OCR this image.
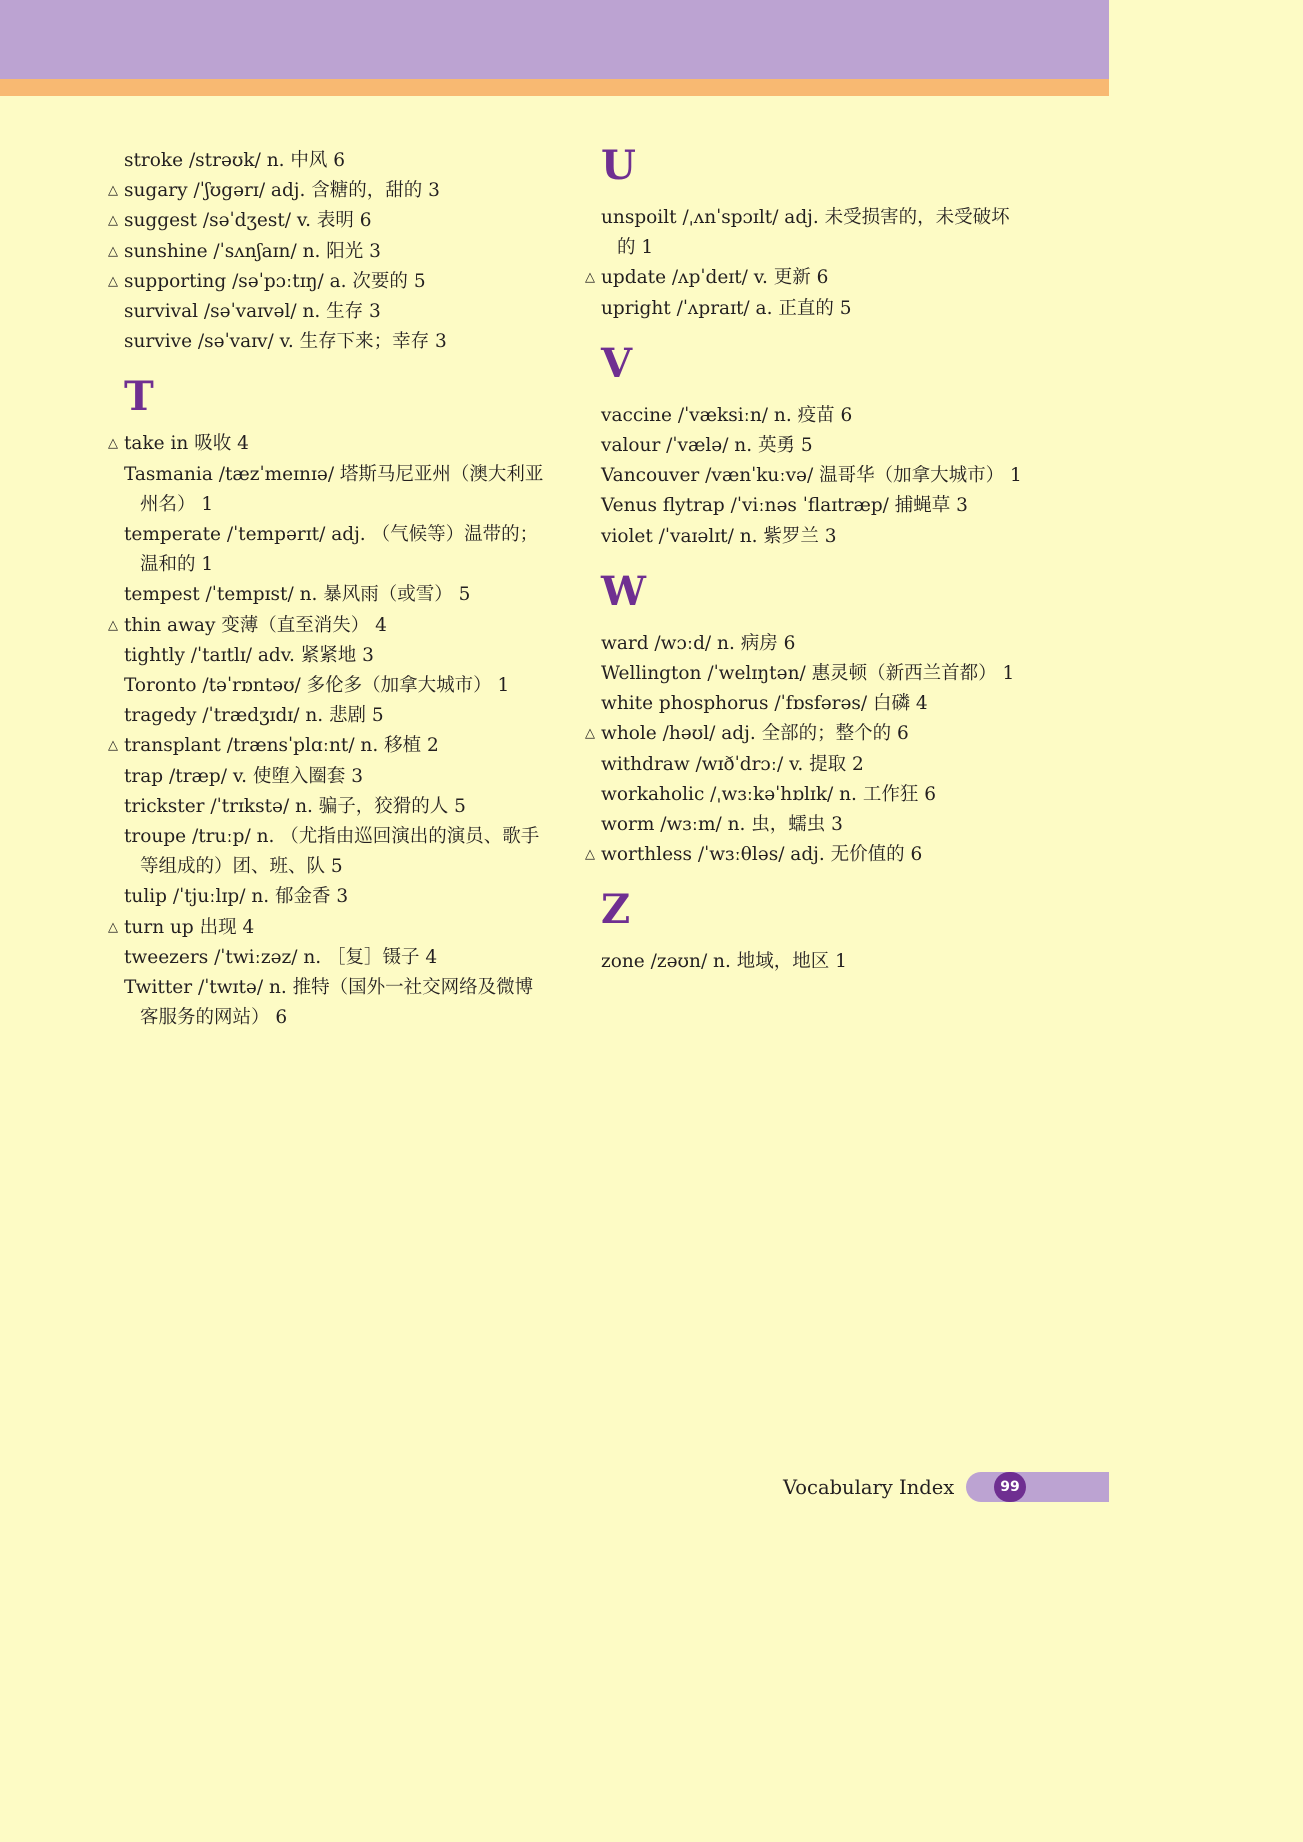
stroke /strəʊk/ n. 中风 6
△ sugary /ˈʃʊgərɪ/ adj. 含糖的，甜的 3
△ suggest /səˈdʒest/ v. 表明 6
△ sunshine /ˈsʌnʃaɪn/ n. 阳光 3
△ supporting /səˈpɔːtɪŋ/ a. 次要的 5
survival /səˈvaɪvəl/ n. 生存 3
survive /səˈvaɪv/ v. 生存下来；幸存 3
T
△ take in 吸收 4
Tasmania /tæzˈmeɪnɪə/ 塔斯马尼亚州（澳大利亚州名） 1
temperate /ˈtempərɪt/ adj. （气候等）温带的；温和的 1
tempest /ˈtempɪst/ n. 暴风雨（或雪） 5
△ thin away 变薄（直至消失） 4
tightly /ˈtaɪtlɪ/ adv. 紧紧地 3
Toronto /təˈrɒntəʊ/ 多伦多（加拿大城市） 1
tragedy /ˈtrædʒɪdɪ/ n. 悲剧 5
△ transplant /trænsˈplɑːnt/ n. 移植 2
trap /træp/ v. 使堕入圈套 3
trickster /ˈtrɪkstə/ n. 骗子，狡猾的人 5
troupe /truːp/ n. （尤指由巡回演出的演员、歌手等组成的）团、班、队 5
tulip /ˈtjuːlɪp/ n. 郁金香 3
△ turn up 出现 4
tweezers /ˈtwiːzəz/ n. ［复］镊子 4
Twitter /ˈtwɪtə/ n. 推特（国外一社交网络及微博客服务的网站） 6
U
unspoilt /ˌʌnˈspɔɪlt/ adj. 未受损害的，未受破坏的 1
△ update /ʌpˈdeɪt/ v. 更新 6
upright /ˈʌpraɪt/ a. 正直的 5
V
vaccine /ˈvæksiːn/ n. 疫苗 6
valour /ˈvælə/ n. 英勇 5
Vancouver /vænˈkuːvə/ 温哥华（加拿大城市） 1
Venus flytrap /ˈviːnəs ˈflaɪtræp/ 捕蝇草 3
violet /ˈvaɪəlɪt/ n. 紫罗兰 3
W
ward /wɔːd/ n. 病房 6
Wellington /ˈwelɪŋtən/ 惠灵顿（新西兰首都） 1
white phosphorus /ˈfɒsfərəs/ 白磷 4
△ whole /həʊl/ adj. 全部的；整个的 6
withdraw /wɪðˈdrɔː/ v. 提取 2
workaholic /ˌwɜːkəˈhɒlɪk/ n. 工作狂 6
worm /wɜːm/ n. 虫，蠕虫 3
△ worthless /ˈwɜːθləs/ adj. 无价值的 6
Z
zone /zəʊn/ n. 地域，地区 1
Vocabulary Index	99
